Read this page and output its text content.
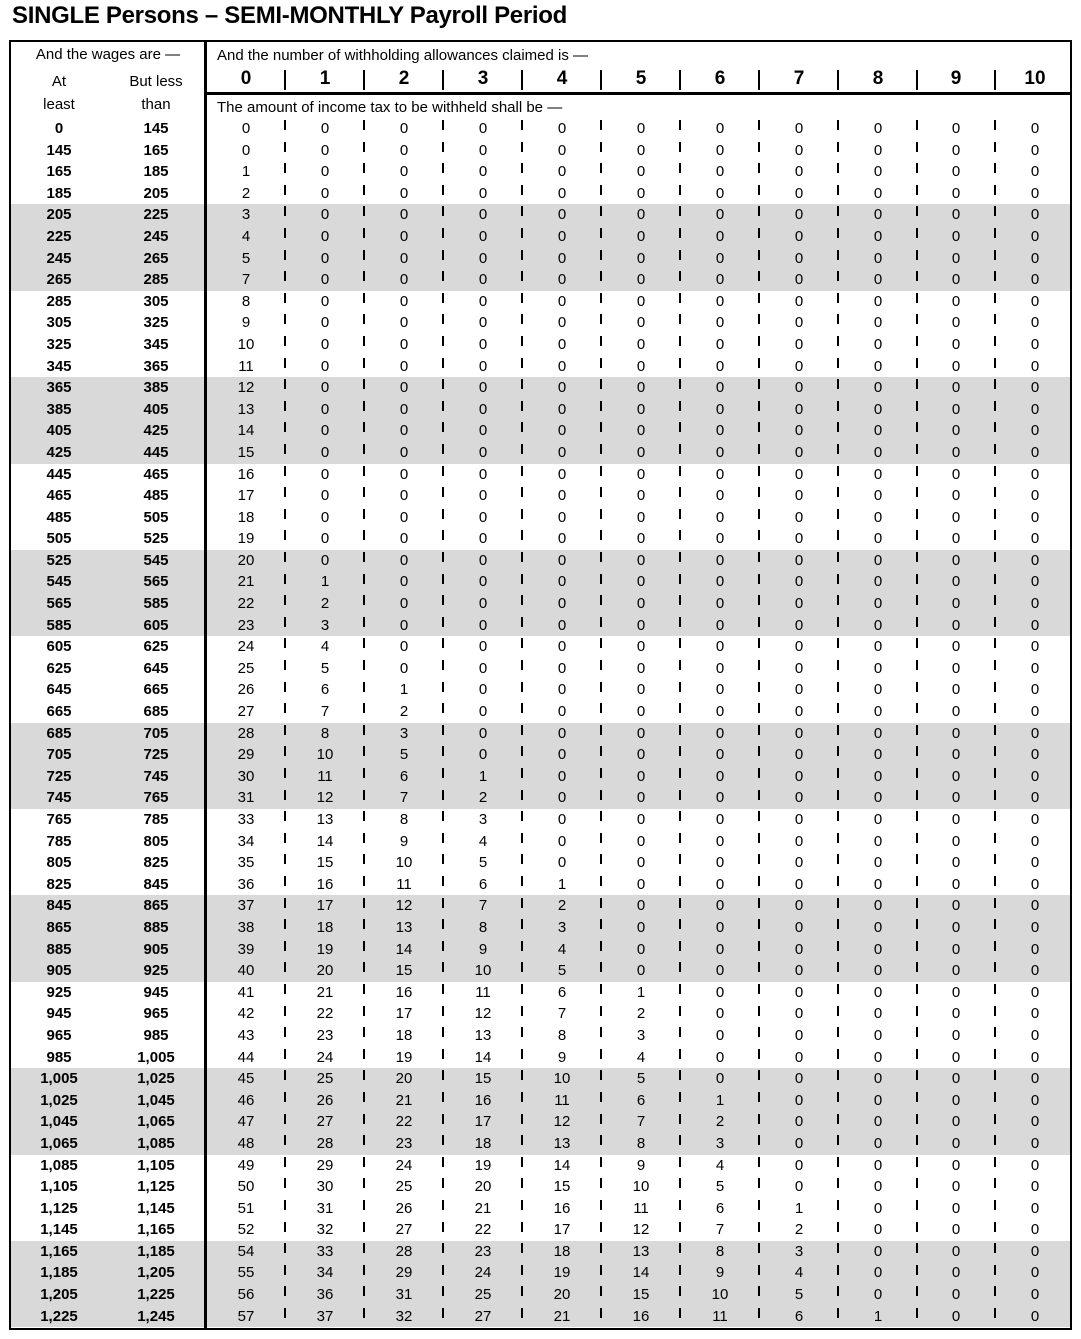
SINGLE Persons – SEMI-MONTHLY Payroll Period
0	145	0	0	0	0	0	0	0	0	0	0	0
145	165	0	0	0	0	0	0	0	0	0	0	0
165	185	1	0	0	0	0	0	0	0	0	0	0
185	205	2	0	0	0	0	0	0	0	0	0	0
205	225	3	0	0	0	0	0	0	0	0	0	0
225	245	4	0	0	0	0	0	0	0	0	0	0
245	265	5	0	0	0	0	0	0	0	0	0	0
265	285	7	0	0	0	0	0	0	0	0	0	0
285	305	8	0	0	0	0	0	0	0	0	0	0
305	325	9	0	0	0	0	0	0	0	0	0	0
325	345	10	0	0	0	0	0	0	0	0	0	0
345	365	11	0	0	0	0	0	0	0	0	0	0
365	385	12	0	0	0	0	0	0	0	0	0	0
385	405	13	0	0	0	0	0	0	0	0	0	0
405	425	14	0	0	0	0	0	0	0	0	0	0
425	445	15	0	0	0	0	0	0	0	0	0	0
445	465	16	0	0	0	0	0	0	0	0	0	0
465	485	17	0	0	0	0	0	0	0	0	0	0
485	505	18	0	0	0	0	0	0	0	0	0	0
505	525	19	0	0	0	0	0	0	0	0	0	0
525	545	20	0	0	0	0	0	0	0	0	0	0
545	565	21	1	0	0	0	0	0	0	0	0	0
565	585	22	2	0	0	0	0	0	0	0	0	0
585	605	23	3	0	0	0	0	0	0	0	0	0
605	625	24	4	0	0	0	0	0	0	0	0	0
625	645	25	5	0	0	0	0	0	0	0	0	0
645	665	26	6	1	0	0	0	0	0	0	0	0
665	685	27	7	2	0	0	0	0	0	0	0	0
685	705	28	8	3	0	0	0	0	0	0	0	0
705	725	29	10	5	0	0	0	0	0	0	0	0
725	745	30	11	6	1	0	0	0	0	0	0	0
745	765	31	12	7	2	0	0	0	0	0	0	0
765	785	33	13	8	3	0	0	0	0	0	0	0
785	805	34	14	9	4	0	0	0	0	0	0	0
805	825	35	15	10	5	0	0	0	0	0	0	0
825	845	36	16	11	6	1	0	0	0	0	0	0
845	865	37	17	12	7	2	0	0	0	0	0	0
865	885	38	18	13	8	3	0	0	0	0	0	0
885	905	39	19	14	9	4	0	0	0	0	0	0
905	925	40	20	15	10	5	0	0	0	0	0	0
925	945	41	21	16	11	6	1	0	0	0	0	0
945	965	42	22	17	12	7	2	0	0	0	0	0
965	985	43	23	18	13	8	3	0	0	0	0	0
985	1,005	44	24	19	14	9	4	0	0	0	0	0
1,005	1,025	45	25	20	15	10	5	0	0	0	0	0
1,025	1,045	46	26	21	16	11	6	1	0	0	0	0
1,045	1,065	47	27	22	17	12	7	2	0	0	0	0
1,065	1,085	48	28	23	18	13	8	3	0	0	0	0
1,085	1,105	49	29	24	19	14	9	4	0	0	0	0
1,105	1,125	50	30	25	20	15	10	5	0	0	0	0
1,125	1,145	51	31	26	21	16	11	6	1	0	0	0
1,145	1,165	52	32	27	22	17	12	7	2	0	0	0
1,165	1,185	54	33	28	23	18	13	8	3	0	0	0
1,185	1,205	55	34	29	24	19	14	9	4	0	0	0
1,205	1,225	56	36	31	25	20	15	10	5	0	0	0
1,225	1,245	57	37	32	27	21	16	11	6	1	0	0
And the wages are —
At
least
But less
than
And the number of withholding allowances claimed is —
The amount of income tax to be withheld shall be —
0	1	2	3	4	5	6	7	8	9	10
